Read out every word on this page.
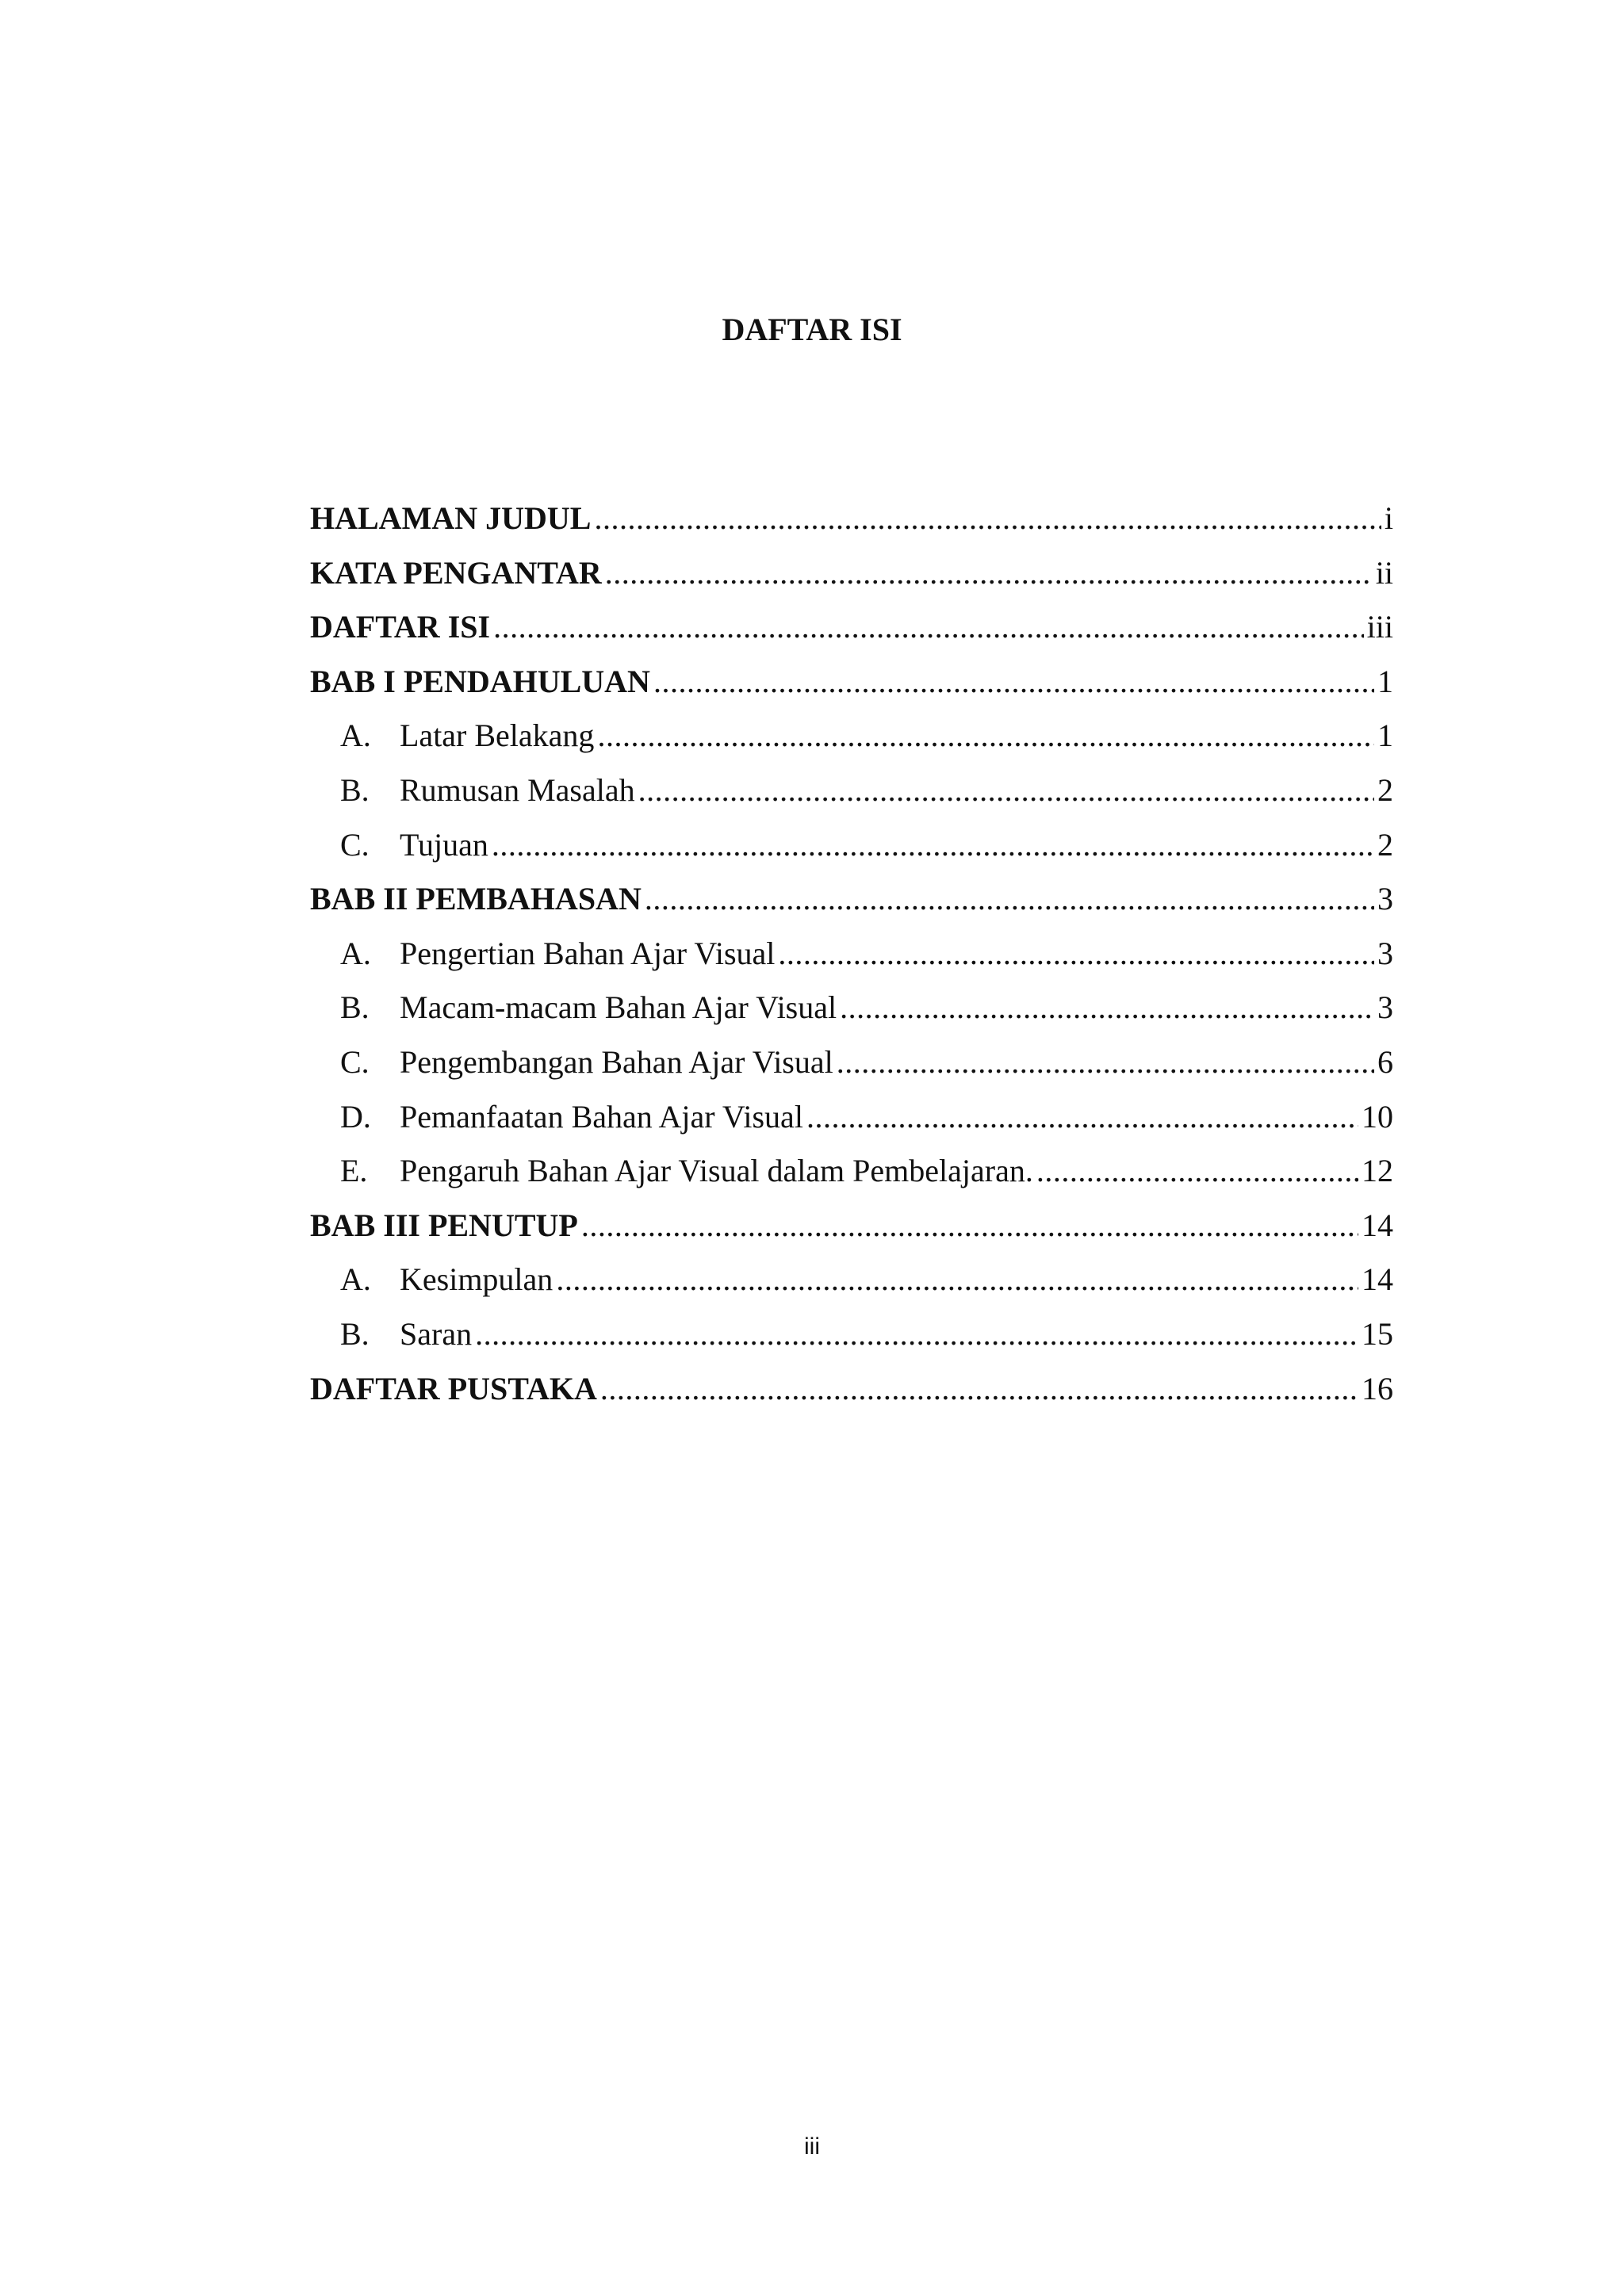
DAFTAR ISI
HALAMAN JUDUL .....	i
KATA PENGANTAR .....	ii
DAFTAR ISI .....	iii
BAB I PENDAHULUAN .....	1
A. Latar Belakang .....	1
B. Rumusan Masalah .....	2
C. Tujuan .....	2
BAB II PEMBAHASAN .....	3
A. Pengertian Bahan Ajar Visual .....	3
B. Macam-macam Bahan Ajar Visual .....	3
C. Pengembangan Bahan Ajar Visual .....	6
D. Pemanfaatan Bahan Ajar Visual .....	10
E.	Pengaruh Bahan Ajar Visual dalam Pembelajaran. .....	12
BAB III PENUTUP .....	14
A. Kesimpulan .....	14
B. Saran .....	15
DAFTAR PUSTAKA .....	16
iii
